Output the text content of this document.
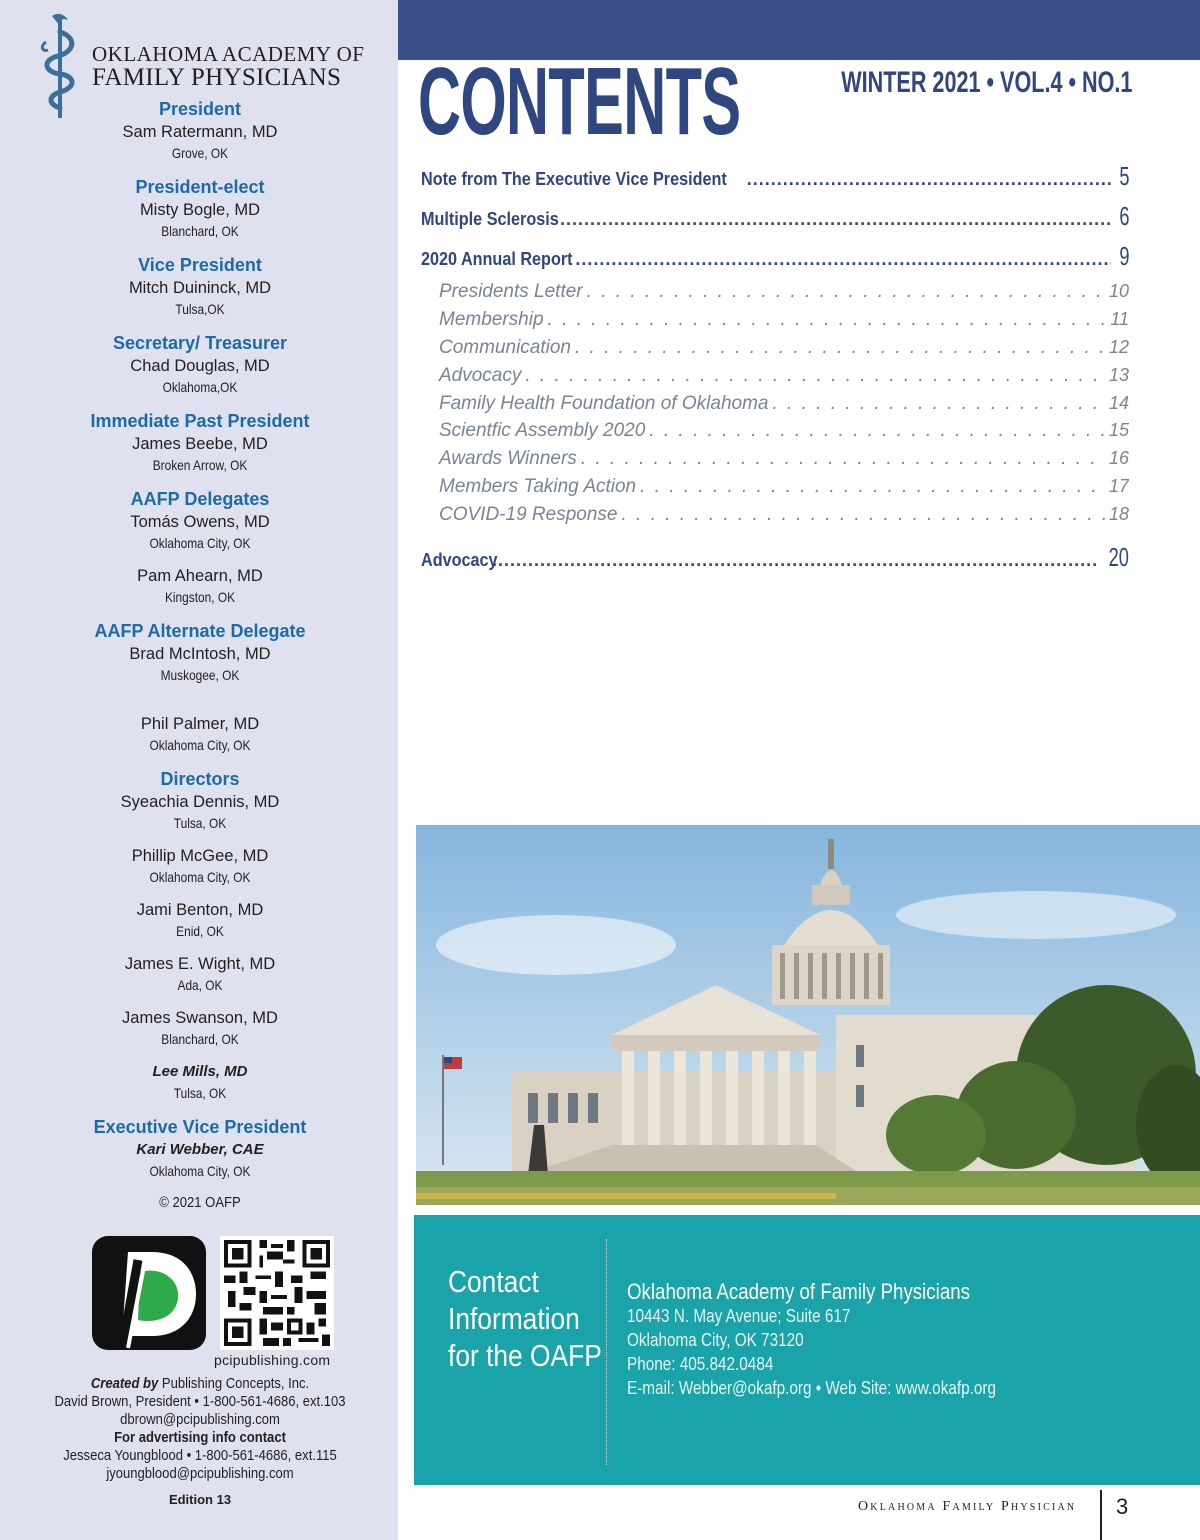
OKLAHOMA ACADEMY OF
FAMILY PHYSICIANS
President
Sam Ratermann, MD
Grove, OK
President-elect
Misty Bogle, MD
Blanchard, OK
Vice President
Mitch Duininck, MD
Tulsa,OK
Secretary/ Treasurer
Chad Douglas, MD
Oklahoma,OK
Immediate Past President
James Beebe, MD
Broken Arrow, OK
AAFP Delegates
Tomás Owens, MD
Oklahoma City, OK
Pam Ahearn, MD
Kingston, OK
AAFP Alternate Delegate
Brad McIntosh, MD
Muskogee, OK
Phil Palmer, MD
Oklahoma City, OK
Directors
Syeachia Dennis, MD
Tulsa, OK
Phillip McGee, MD
Oklahoma City, OK
Jami Benton, MD
Enid, OK
James E. Wight, MD
Ada, OK
James Swanson, MD
Blanchard, OK
Lee Mills, MD
Tulsa, OK
Executive Vice President
Kari Webber, CAE
Oklahoma City, OK
© 2021 OAFP
pcipublishing.com
Created by Publishing Concepts, Inc.
David Brown, President • 1-800-561-4686, ext.103
dbrown@pcipublishing.com
For advertising info contact
Jesseca Youngblood • 1-800-561-4686, ext.115
jyoungblood@pcipublishing.com
Edition 13
CONTENTS	WINTER 2021 • VOL.4 • NO.1
Note from The Executive Vice President .....	5
Multiple Sclerosis .....	6
2020 Annual Report .....	9
Presidents Letter . . .	10
Membership . . .	11
Communication . . .	12
Advocacy . . .	13
Family Health Foundation of Oklahoma . . .	14
Scientfic Assembly 2020 . . .	15
Awards Winners . . .	16
Members Taking Action . . .	17
COVID-19 Response . . .	18
Advocacy .....	20
Contact
Information
for the OAFP
Oklahoma Academy of Family Physicians
10443 N. May Avenue; Suite 617
Oklahoma City, OK 73120
Phone: 405.842.0484
E-mail: Webber@okafp.org • Web Site: www.okafp.org
Oklahoma Family Physician 3
